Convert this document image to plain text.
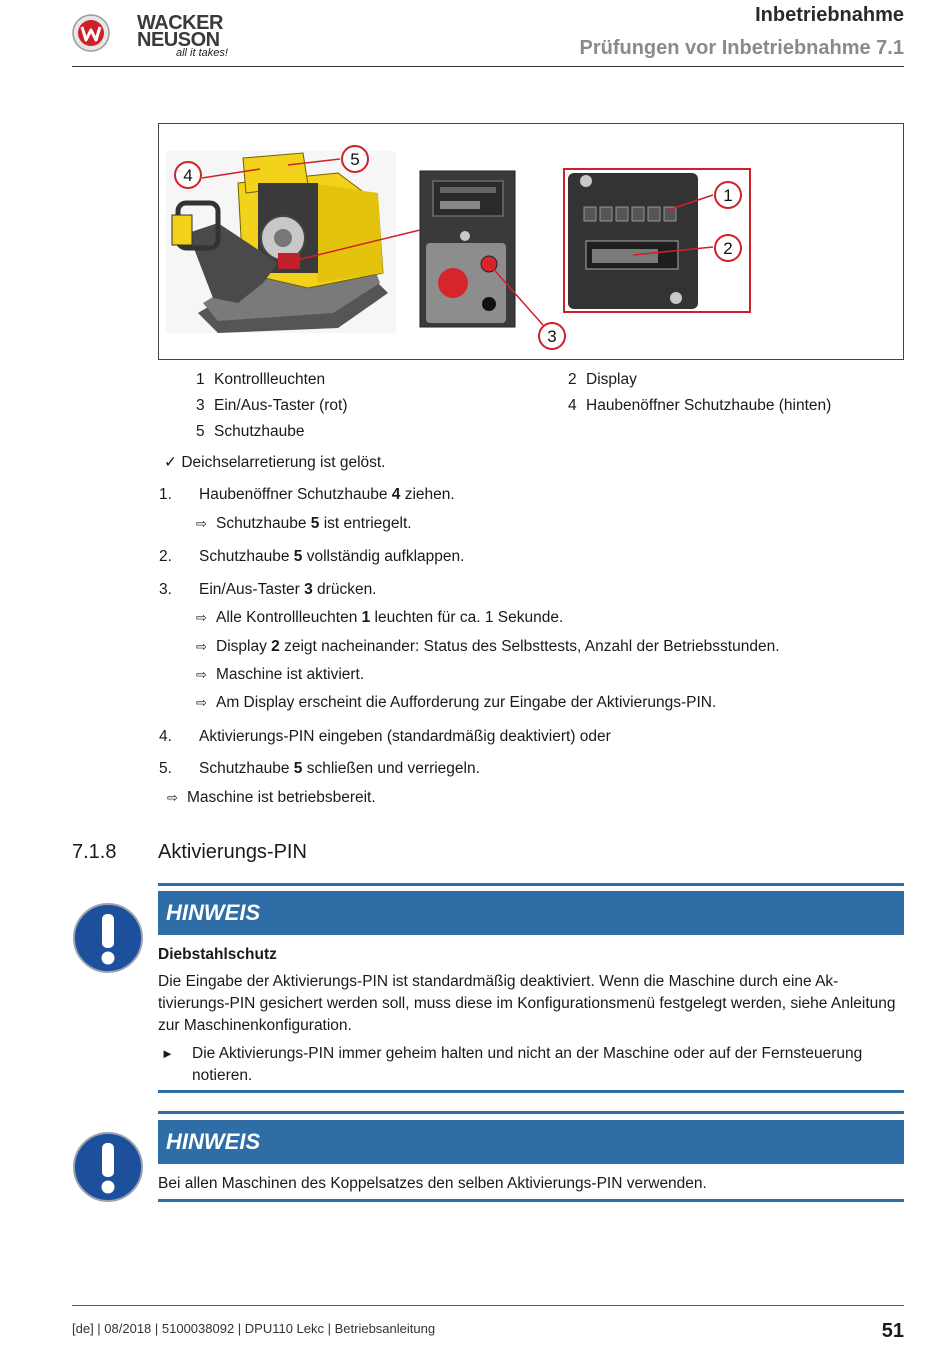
WACKER
NEUSON
all it takes!
Inbetriebnahme
Prüfungen vor Inbetriebnahme 7.1
4
5
1
2
3
1 Kontrollleuchten	2 Display
3 Ein/Aus-Taster (rot)	4 Haubenöffner Schutzhaube (hinten)
5 Schutzhaube
✓ Deichselarretierung ist gelöst.
1. Haubenöffner Schutzhaube 4 ziehen.
⇨ Schutzhaube 5 ist entriegelt.
2. Schutzhaube 5 vollständig aufklappen.
3. Ein/Aus-Taster 3 drücken.
⇨ Alle Kontrollleuchten 1 leuchten für ca. 1 Sekunde.
⇨ Display 2 zeigt nacheinander: Status des Selbsttests, Anzahl der Betriebsstunden.
⇨ Maschine ist aktiviert.
⇨ Am Display erscheint die Aufforderung zur Eingabe der Aktivierungs-PIN.
4. Aktivierungs-PIN eingeben (standardmäßig deaktiviert) oder
5. Schutzhaube 5 schließen und verriegeln.
⇨ Maschine ist betriebsbereit.
7.1.8 Aktivierungs-PIN
HINWEIS
Diebstahlschutz
Die Eingabe der Aktivierungs-PIN ist standardmäßig deaktiviert. Wenn die Maschine durch eine Aktivierungs-PIN gesichert werden soll, muss diese im Konfigurationsmenü festgelegt werden, siehe Anleitung zur Maschinenkonfiguration.
► Die Aktivierungs-PIN immer geheim halten und nicht an der Maschine oder auf der Fernsteuerung notieren.
HINWEIS
Bei allen Maschinen des Koppelsatzes den selben Aktivierungs-PIN verwenden.
[de] | 08/2018 | 5100038092 | DPU110 Lekc | Betriebsanleitung	51
